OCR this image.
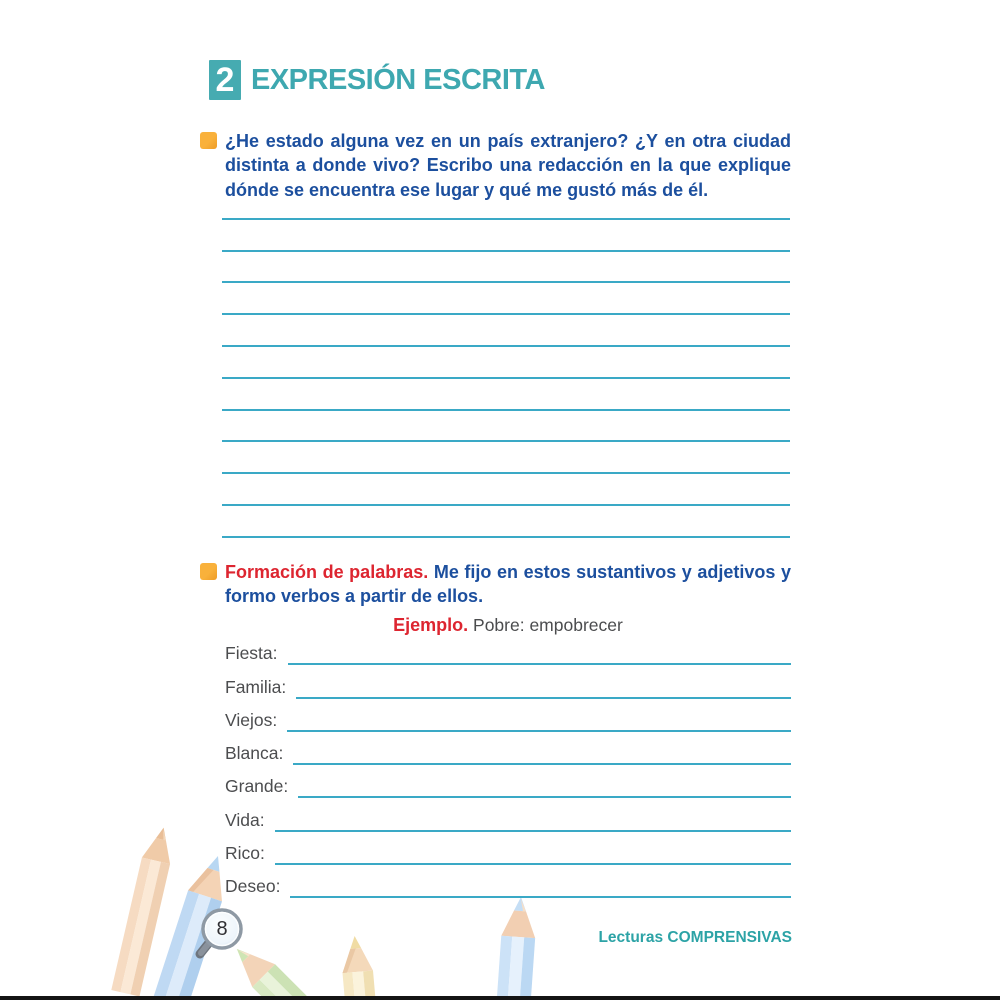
2 EXPRESIÓN ESCRITA

¿He estado alguna vez en un país extranjero? ¿Y en otra ciudad distinta a donde vivo? Escribo una redacción en la que explique dónde se encuentra ese lugar y qué me gustó más de él.

Formación de palabras. Me fijo en estos sustantivos y adjetivos y formo verbos a partir de ellos.

Ejemplo. Pobre: empobrecer
Fiesta:
Familia:
Viejos:
Blanca:
Grande:
Vida:
Rico:
Deseo:
8	Lecturas COMPRENSIVAS
